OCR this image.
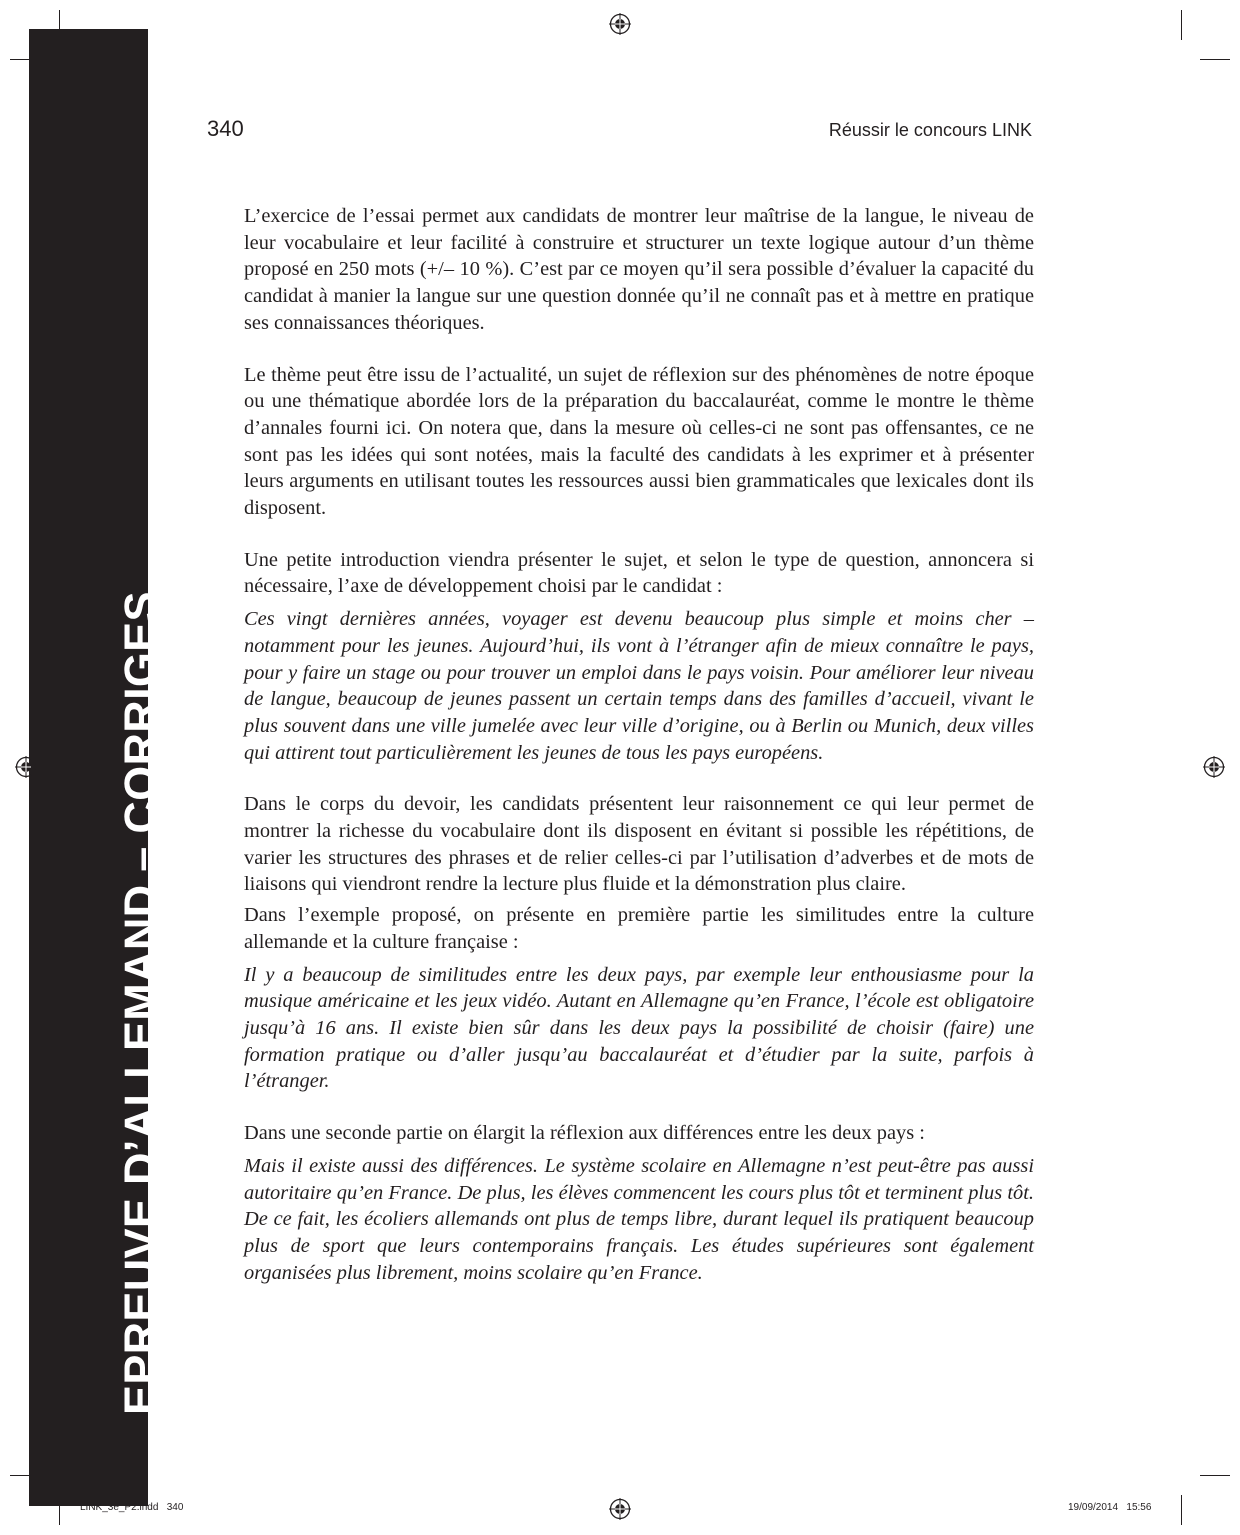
EPREUVE D’ALLEMAND – CORRIGES
340	Réussir le concours LINK

L’exercice de l’essai permet aux candidats de montrer leur maîtrise de la langue, le niveau de leur vocabulaire et leur facilité à construire et structurer un texte logique autour d’un thème proposé en 250 mots (+/– 10 %). C’est par ce moyen qu’il sera possible d’évaluer la capacité du candidat à manier la langue sur une question donnée qu’il ne connaît pas et à mettre en pratique ses connaissances théoriques.

Le thème peut être issu de l’actualité, un sujet de réflexion sur des phénomènes de notre époque ou une thématique abordée lors de la préparation du baccalauréat, comme le montre le thème d’annales fourni ici. On notera que, dans la mesure où celles-ci ne sont pas offensantes, ce ne sont pas les idées qui sont notées, mais la faculté des candidats à les exprimer et à présenter leurs arguments en utilisant toutes les ressources aussi bien grammaticales que lexicales dont ils disposent.

Une petite introduction viendra présenter le sujet, et selon le type de question, annoncera si nécessaire, l’axe de développement choisi par le candidat :

Ces vingt dernières années, voyager est devenu beaucoup plus simple et moins cher – notamment pour les jeunes. Aujourd’hui, ils vont à l’étranger afin de mieux connaître le pays, pour y faire un stage ou pour trouver un emploi dans le pays voisin. Pour améliorer leur niveau de langue, beaucoup de jeunes passent un certain temps dans des familles d’accueil, vivant le plus souvent dans une ville jumelée avec leur ville d’origine, ou à Berlin ou Munich, deux villes qui attirent tout particulièrement les jeunes de tous les pays européens.

Dans le corps du devoir, les candidats présentent leur raisonnement ce qui leur permet de montrer la richesse du vocabulaire dont ils disposent en évitant si possible les répétitions, de varier les structures des phrases et de relier celles-ci par l’utilisation d’adverbes et de mots de liaisons qui viendront rendre la lecture plus fluide et la démonstration plus claire.

Dans l’exemple proposé, on présente en première partie les similitudes entre la culture allemande et la culture française :

Il y a beaucoup de similitudes entre les deux pays, par exemple leur enthousiasme pour la musique américaine et les jeux vidéo. Autant en Allemagne qu’en France, l’école est obligatoire jusqu’à 16 ans. Il existe bien sûr dans les deux pays la possibilité de choisir (faire) une formation pratique ou d’aller jusqu’au baccalauréat et d’étudier par la suite, parfois à l’étranger.

Dans une seconde partie on élargit la réflexion aux différences entre les deux pays :

Mais il existe aussi des différences. Le système scolaire en Allemagne n’est peut-être pas aussi autoritaire qu’en France. De plus, les élèves commencent les cours plus tôt et terminent plus tôt. De ce fait, les écoliers allemands ont plus de temps libre, durant lequel ils pratiquent beaucoup plus de sport que leurs contemporains français. Les études supérieures sont également organisées plus librement, moins scolaire qu’en France.

LINK_3e_P2.indd   340	19/09/2014   15:56
